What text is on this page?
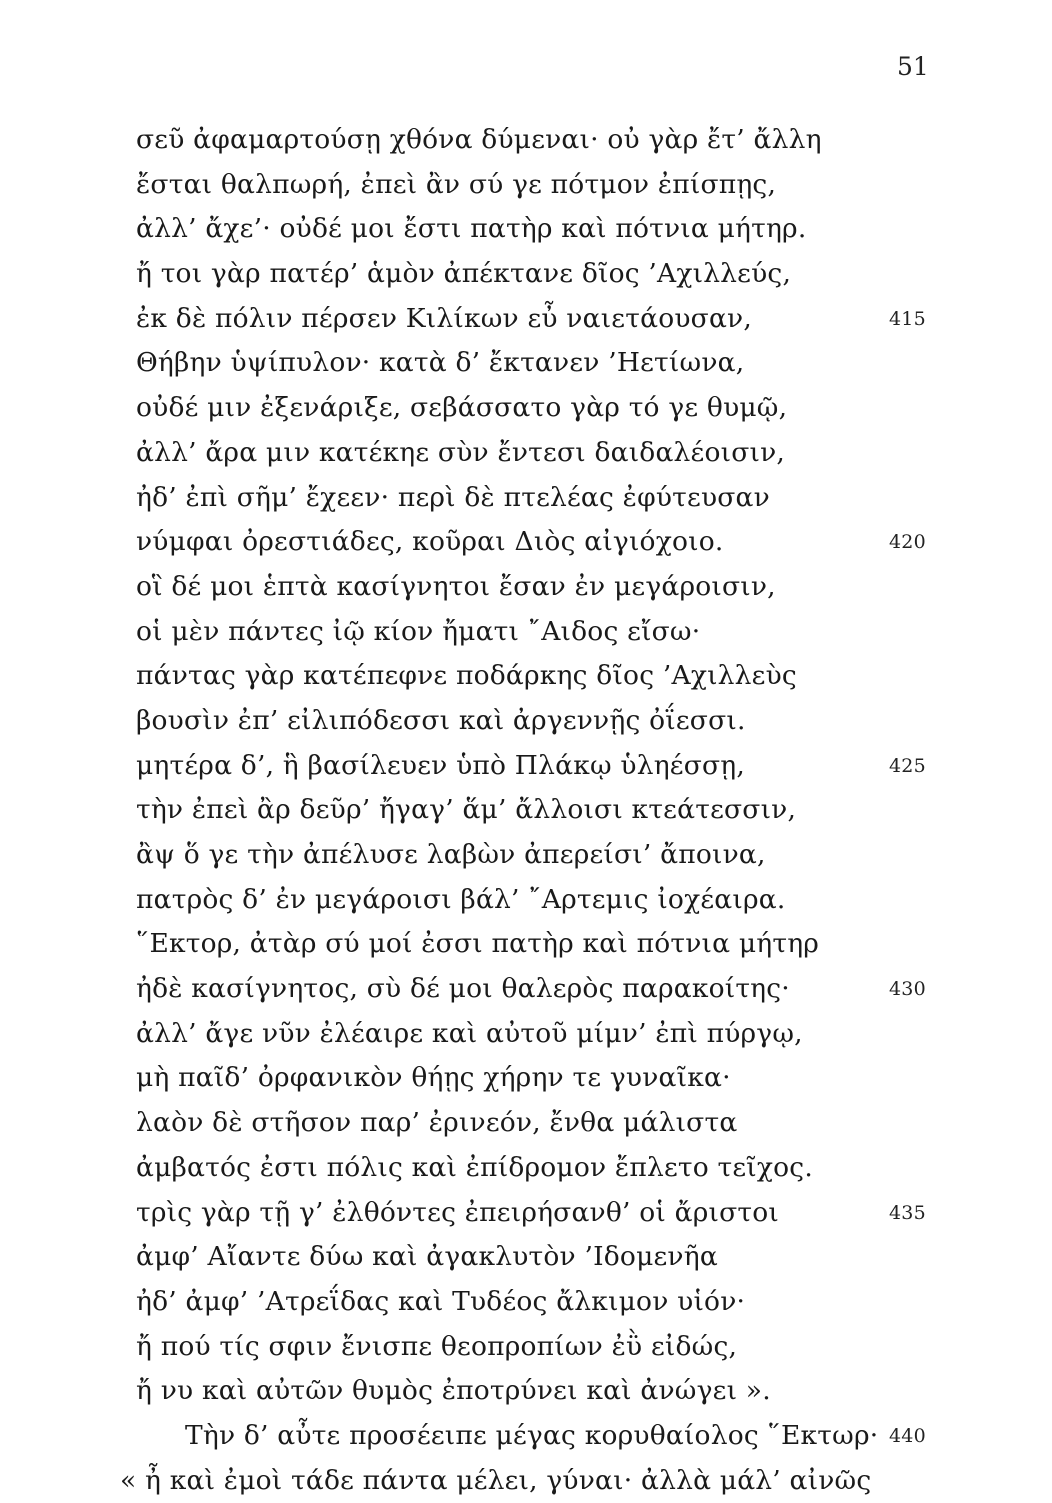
51
σεῦ ἀφαμαρτούσῃ χθόνα δύμεναι· οὐ γὰρ ἔτ’ ἄλλη
ἔσται θαλπωρή, ἐπεὶ ἂν σύ γε πότμον ἐπίσπῃς,
ἀλλ’ ἄχε’· οὐδέ μοι ἔστι πατὴρ καὶ πότνια μήτηρ.
ἤ τοι γὰρ πατέρ’ ἁμὸν ἀπέκτανε δῖος ’Αχιλλεύς,
ἐκ δὲ πόλιν πέρσεν Κιλίκων εὖ ναιετάουσαν,	415
Θήβην ὑψίπυλον· κατὰ δ’ ἔκτανεν ’Ηετίωνα,
οὐδέ μιν ἐξενάριξε, σεβάσσατο γὰρ τό γε θυμῷ,
ἀλλ’ ἄρα μιν κατέκηε σὺν ἔντεσι δαιδαλέοισιν,
ἠδ’ ἐπὶ σῆμ’ ἔχεεν· περὶ δὲ πτελέας ἐφύτευσαν
νύμφαι ὀρεστιάδες, κοῦραι Διὸς αἰγιόχοιο.	420
οἳ δέ μοι ἑπτὰ κασίγνητοι ἔσαν ἐν μεγάροισιν,
οἱ μὲν πάντες ἰῷ κίον ἤματι ῎Αιδος εἴσω·
πάντας γὰρ κατέπεφνε ποδάρκης δῖος ’Αχιλλεὺς
βουσὶν ἐπ’ εἰλιπόδεσσι καὶ ἀργεννῇς ὀΐεσσι.
μητέρα δ’, ἣ βασίλευεν ὑπὸ Πλάκῳ ὑληέσσῃ,	425
τὴν ἐπεὶ ἂρ δεῦρ’ ἤγαγ’ ἅμ’ ἄλλοισι κτεάτεσσιν,
ἂψ ὅ γε τὴν ἀπέλυσε λαβὼν ἀπερείσι’ ἄποινα,
πατρὸς δ’ ἐν μεγάροισι βάλ’ ῎Αρτεμις ἰοχέαιρα.
῞Εκτορ, ἀτὰρ σύ μοί ἐσσι πατὴρ καὶ πότνια μήτηρ
ἠδὲ κασίγνητος, σὺ δέ μοι θαλερὸς παρακοίτης·	430
ἀλλ’ ἄγε νῦν ἐλέαιρε καὶ αὐτοῦ μίμν’ ἐπὶ πύργῳ,
μὴ παῖδ’ ὀρφανικὸν θήῃς χήρην τε γυναῖκα·
λαὸν δὲ στῆσον παρ’ ἐρινεόν, ἔνθα μάλιστα
ἀμβατός ἐστι πόλις καὶ ἐπίδρομον ἔπλετο τεῖχος.
τρὶς γὰρ τῇ γ’ ἐλθόντες ἐπειρήσανθ’ οἱ ἄριστοι	435
ἀμφ’ Αἴαντε δύω καὶ ἀγακλυτὸν ’Ιδομενῆα
ἠδ’ ἀμφ’ ’Ατρεΐδας καὶ Τυδέος ἄλκιμον υἱόν·
ἤ πού τίς σφιν ἔνισπε θεοπροπίων ἐῢ εἰδώς,
ἤ νυ καὶ αὐτῶν θυμὸς ἐποτρύνει καὶ ἀνώγει ».
Τὴν δ’ αὖτε προσέειπε μέγας κορυθαίολος ῞Εκτωρ· 440
« ἦ καὶ ἐμοὶ τάδε πάντα μέλει, γύναι· ἀλλὰ μάλ’ αἰνῶς
